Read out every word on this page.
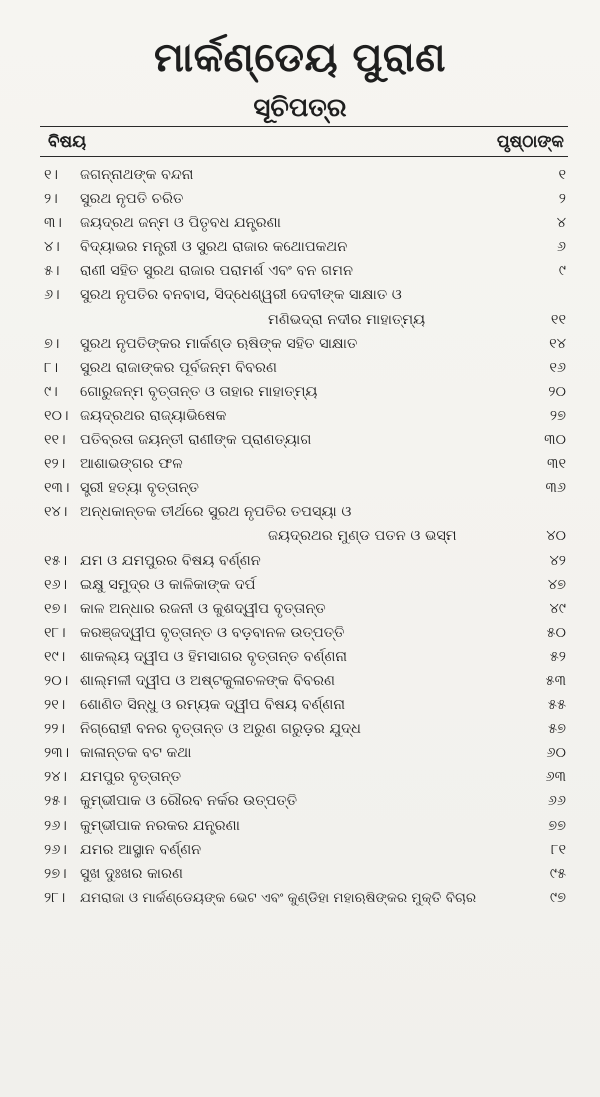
ମାର୍କଣ୍ଡେୟ ପୁରାଣ
ସୂଚିପତ୍ର
ବିଷୟ	ପୃଷ୍ଠାଙ୍କ
୧।	ଜଗନ୍ନାଥଙ୍କ ବନ୍ଦନା	୧
୨।	ସୁରଥ ନୃପତି ଚରିତ	୨
୩।	ଜୟଦ୍ରଥ ଜନ୍ମ ଓ ପିତୃବଧ ଯନ୍ତ୍ରଣା	୪
୪।	ବିଦ୍ୟାଭର ମନ୍ତ୍ରୀ ଓ ସୁରଥ ରାଜାର କଥୋପକଥନ	୬
୫।	ରାଣୀ ସହିତ ସୁରଥ ରାଜାର ପରାମର୍ଶ ଏବଂ ବନ ଗମନ	୯
୬।	ସୁରଥ ନୃପତିର ବନବାସ, ସିଦ୍ଧେଶ୍ୱରୀ ଦେବୀଙ୍କ ସାକ୍ଷାତ ଓ
ମଣିଭଦ୍ରା ନଦୀର ମାହାତ୍ମ୍ୟ	୧୧
୭।	ସୁରଥ ନୃପତିଙ୍କର ମାର୍କଣ୍ଡ ଋଷିଙ୍କ ସହିତ ସାକ୍ଷାତ	୧୪
୮।	ସୁରଥ ରାଜାଙ୍କର ପୂର୍ବଜନ୍ମ ବିବରଣ	୧୬
୯।	ଗୋରୁଜନ୍ମ ବୃତ୍ତାନ୍ତ ଓ ତାହାର ମାହାତ୍ମ୍ୟ	୨୦
୧୦। ଜୟଦ୍ରଥର ରାଜ୍ୟାଭିଷେକ	୨୭
୧୧। ପତିବ୍ରତା ଜୟନ୍ତୀ ରାଣୀଙ୍କ ପ୍ରାଣତ୍ୟାଗ	୩୦
୧୨।	ଆଶାଭଙ୍ଗର ଫଳ	୩୧
୧୩। ସ୍ତ୍ରୀ ହତ୍ୟା ବୃତ୍ତାନ୍ତ	୩୬
୧୪। ଅନ୍ଧକାନ୍ତକ ତୀର୍ଥରେ ସୁରଥ ନୃପତିର ତପସ୍ୟା ଓ
ଜୟଦ୍ରଥର ମୁଣ୍ଡ ପତନ ଓ ଭସ୍ମ	୪୦
୧୫। ଯମ ଓ ଯମପୁରର ବିଷୟ ବର୍ଣ୍ଣନ	୪୨
୧୬। ଇକ୍ଷୁ ସମୁଦ୍ର ଓ କାଳିକାଙ୍କ ଦର୍ପ	୪୭
୧୭। କାଳ ଅନ୍ଧାର ରଜନୀ ଓ କୁଶଦ୍ୱୀପ ବୃତ୍ତାନ୍ତ	୪୯
୧୮। କରଞ୍ଜଦ୍ୱୀପ ବୃତ୍ତାନ୍ତ ଓ ବଡ଼ବାନଳ ଉତ୍ପତ୍ତି	୫୦
୧୯।	ଶାକଲ୍ୟ ଦ୍ୱୀପ ଓ ହିମସାଗର ବୃତ୍ତାନ୍ତ ବର୍ଣ୍ଣନା	୫୨
୨୦। ଶାଲ୍ମଳୀ ଦ୍ୱୀପ ଓ ଅଷ୍ଟକୁଳାଚଳଙ୍କ ବିବରଣ	୫୩
୨୧।	ଶୋଣିତ ସିନ୍ଧୁ ଓ ରମ୍ୟକ ଦ୍ୱୀପ ବିଷୟ ବର୍ଣ୍ଣନା	୫୫
୨୨।	ନିଗ୍ରୋହୀ ବନର ବୃତ୍ତାନ୍ତ ଓ ଅରୁଣ ଗରୁଡ଼ର ଯୁଦ୍ଧ	୫୭
୨୩। କାଳାନ୍ତକ ବଟ କଥା	୬୦
୨୪। ଯମପୁର ବୃତ୍ତାନ୍ତ	୬୩
୨୫। କୁମ୍ଭୀପାକ ଓ ରୌରବ ନର୍କର ଉତ୍ପତ୍ତି	୬୬
୨୬। କୁମ୍ଭୀପାକ ନରକର ଯନ୍ତ୍ରଣା	୭୭
୨୬। ଯମର ଆସ୍ଥାନ ବର୍ଣ୍ଣନ	୮୧
୨୭। ସୁଖ ଦୁଃଖର କାରଣ	୯୫
୨୮।	ଯମରାଜା ଓ ମାର୍କଣ୍ଡେୟଙ୍କ ଭେଟ ଏବଂ କୁଣ୍ଡିହା ମହାଋଷିଙ୍କର ମୁକ୍ତି ବିଚାର	୯୭
